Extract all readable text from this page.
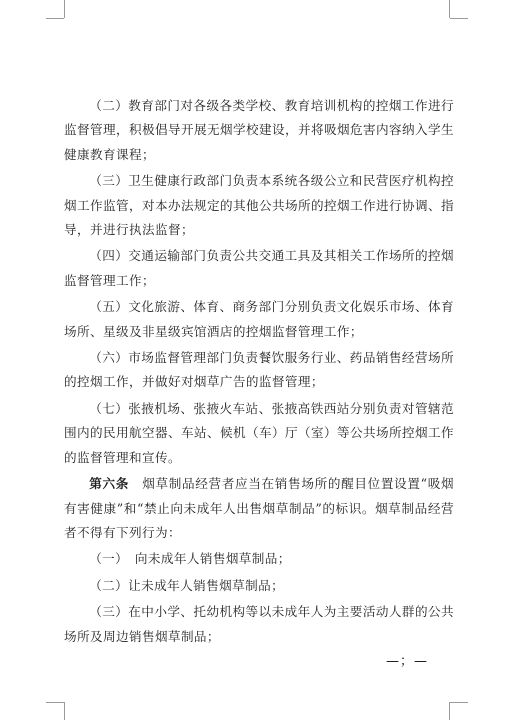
（二）教育部门对各级各类学校、教育培训机构的控烟工作进行监督管理，积极倡导开展无烟学校建设，并将吸烟危害内容纳入学生健康教育课程；

（三）卫生健康行政部门负责本系统各级公立和民营医疗机构控烟工作监管，对本办法规定的其他公共场所的控烟工作进行协调、指导，并进行执法监督；

（四）交通运输部门负责公共交通工具及其相关工作场所的控烟监督管理工作；

（五）文化旅游、体育、商务部门分别负责文化娱乐市场、体育场所、星级及非星级宾馆酒店的控烟监督管理工作；

（六）市场监督管理部门负责餐饮服务行业、药品销售经营场所的控烟工作，并做好对烟草广告的监督管理；

（七）张掖机场、张掖火车站、张掖高铁西站分别负责对管辖范围内的民用航空器、车站、候机（车）厅（室）等公共场所控烟工作的监督管理和宣传。

第六条　烟草制品经营者应当在销售场所的醒目位置设置“吸烟有害健康”和“禁止向未成年人出售烟草制品”的标识。烟草制品经营者不得有下列行为：

（一）　向未成年人销售烟草制品；

（二）让未成年人销售烟草制品；

（三）在中小学、托幼机构等以未成年人为主要活动人群的公共场所及周边销售烟草制品；

—；—
